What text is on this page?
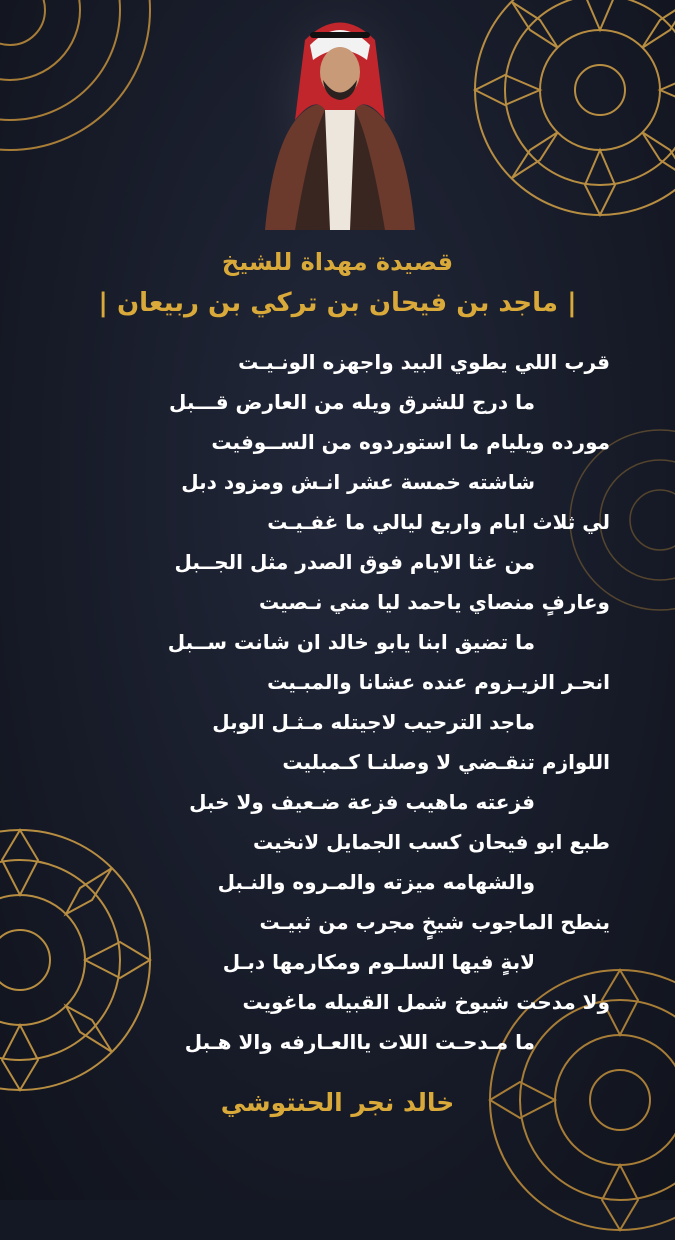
قصيدة مهداة للشيخ
| ماجد بن فيحان بن تركي بن ربيعان |
قرب اللي يطوي البيد واجهزه الونـيـت
ما درج للشرق ويله من العارض قـــبل
مورده ويليام ما استوردوه من الســوفيت
شاشته خمسة عشر انـش ومزود دبل
لي ثلاث ايام واربع ليالي ما غفـيـت
من غثا الايام فوق الصدر مثل الجــبل
وعارفٍ منصاي ياحمد ليا مني نـصيت
ما تضيق ابنا يابو خالد ان شانت ســبل
انحـر الزيـزوم عنده عشانا والمبـيت
ماجد الترحيب لاجيتله مـثـل الوبل
اللوازم تنقـضي لا وصلنـا كـمبليت
فزعته ماهيب فزعة ضـعيف ولا خبل
طبع ابو فيحان كسب الجمايل لانخيت
والشهامه ميزته والمـروه والنـبل
ينطح الماجوب شيخٍ مجرب من ثبيـت
لابةٍ فيها السلـوم ومكارمها دبـل
ولا مدحت شيوخ شمل القبيله ماغويت
ما مـدحـت اللات ياالعـارفه والا هـبل
خالد نجر الحنتوشي
